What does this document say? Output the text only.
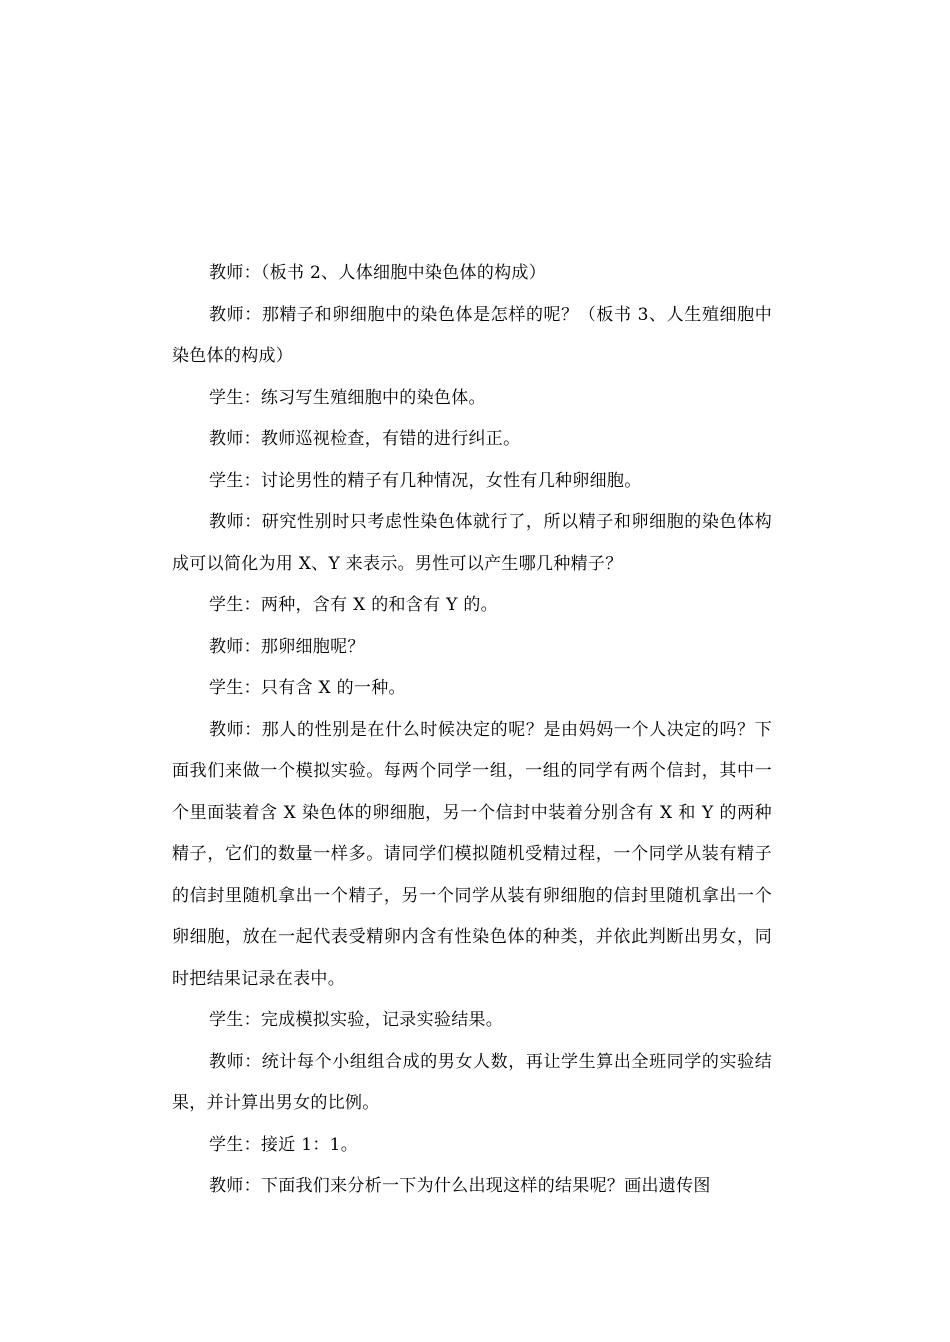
教师：（板书 2、人体细胞中染色体的构成）

教师：那精子和卵细胞中的染色体是怎样的呢？（板书 3、人生殖细胞中染色体的构成）

学生：练习写生殖细胞中的染色体。

教师：教师巡视检查，有错的进行纠正。

学生：讨论男性的精子有几种情况，女性有几种卵细胞。

教师：研究性别时只考虑性染色体就行了，所以精子和卵细胞的染色体构成可以简化为用 X、Y 来表示。男性可以产生哪几种精子？

学生：两种，含有 X 的和含有 Y 的。

教师：那卵细胞呢？

学生：只有含 X 的一种。

教师：那人的性别是在什么时候决定的呢？是由妈妈一个人决定的吗？下面我们来做一个模拟实验。每两个同学一组，一组的同学有两个信封，其中一个里面装着含 X 染色体的卵细胞，另一个信封中装着分别含有 X 和 Y 的两种精子，它们的数量一样多。请同学们模拟随机受精过程，一个同学从装有精子的信封里随机拿出一个精子，另一个同学从装有卵细胞的信封里随机拿出一个卵细胞，放在一起代表受精卵内含有性染色体的种类，并依此判断出男女，同时把结果记录在表中。

学生：完成模拟实验，记录实验结果。

教师：统计每个小组组合成的男女人数，再让学生算出全班同学的实验结果，并计算出男女的比例。

学生：接近 1：1。

教师：下面我们来分析一下为什么出现这样的结果呢？画出遗传图
